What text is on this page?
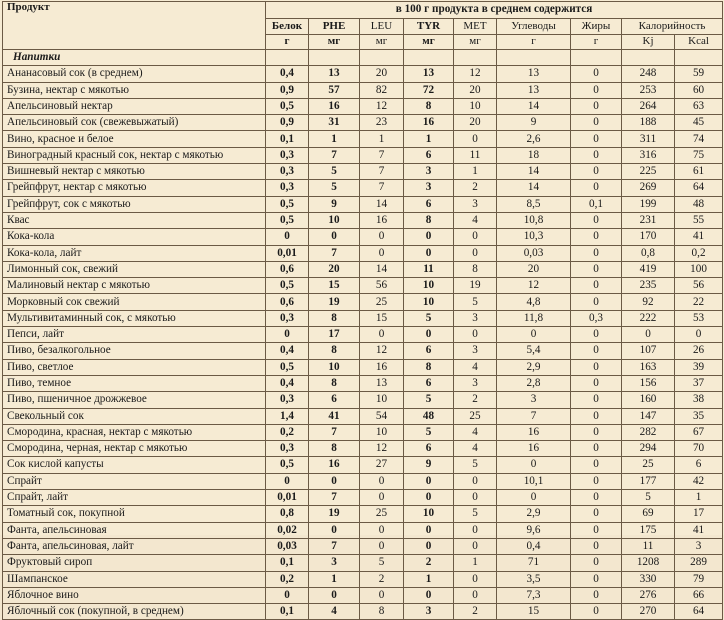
Продукт	в 100 г продукта в среднем содержится								
	Белок	PHE	LEU	TYR	MET	Углеводы	Жиры	Калорийность	
	г	мг	мг	мг	мг	г	г	Kj	Kcal
Напитки									
Ананасовый сок (в среднем)	0,4	13	20	13	12	13	0	248	59
Бузина, нектар с мякотью	0,9	57	82	72	20	13	0	253	60
Апельсиновый нектар	0,5	16	12	8	10	14	0	264	63
Апельсиновый сок (свежевыжатый)	0,9	31	23	16	20	9	0	188	45
Вино, красное и белое	0,1	1	1	1	0	2,6	0	311	74
Виноградный красный сок, нектар с мякотью	0,3	7	7	6	11	18	0	316	75
Вишневый нектар с мякотью	0,3	5	7	3	1	14	0	225	61
Грейпфрут, нектар с мякотью	0,3	5	7	3	2	14	0	269	64
Грейпфрут, сок с мякотью	0,5	9	14	6	3	8,5	0,1	199	48
Квас	0,5	10	16	8	4	10,8	0	231	55
Кока-кола	0	0	0	0	0	10,3	0	170	41
Кока-кола, лайт	0,01	7	0	0	0	0,03	0	0,8	0,2
Лимонный сок, свежий	0,6	20	14	11	8	20	0	419	100
Малиновый нектар с мякотью	0,5	15	56	10	19	12	0	235	56
Морковный сок свежий	0,6	19	25	10	5	4,8	0	92	22
Мультивитаминный сок, с мякотью	0,3	8	15	5	3	11,8	0,3	222	53
Пепси, лайт	0	17	0	0	0	0	0	0	0
Пиво, безалкогольное	0,4	8	12	6	3	5,4	0	107	26
Пиво, светлое	0,5	10	16	8	4	2,9	0	163	39
Пиво, темное	0,4	8	13	6	3	2,8	0	156	37
Пиво, пшеничное дрожжевое	0,3	6	10	5	2	3	0	160	38
Свекольный сок	1,4	41	54	48	25	7	0	147	35
Смородина, красная, нектар с мякотью	0,2	7	10	5	4	16	0	282	67
Смородина, черная, нектар с мякотью	0,3	8	12	6	4	16	0	294	70
Сок кислой капусты	0,5	16	27	9	5	0	0	25	6
Спрайт	0	0	0	0	0	10,1	0	177	42
Спрайт, лайт	0,01	7	0	0	0	0	0	5	1
Томатный сок, покупной	0,8	19	25	10	5	2,9	0	69	17
Фанта, апельсиновая	0,02	0	0	0	0	9,6	0	175	41
Фанта, апельсиновая, лайт	0,03	7	0	0	0	0,4	0	11	3
Фруктовый сироп	0,1	3	5	2	1	71	0	1208	289
Шампанское	0,2	1	2	1	0	3,5	0	330	79
Яблочное вино	0	0	0	0	0	7,3	0	276	66
Яблочный сок (покупной, в среднем)	0,1	4	8	3	2	15	0	270	64
